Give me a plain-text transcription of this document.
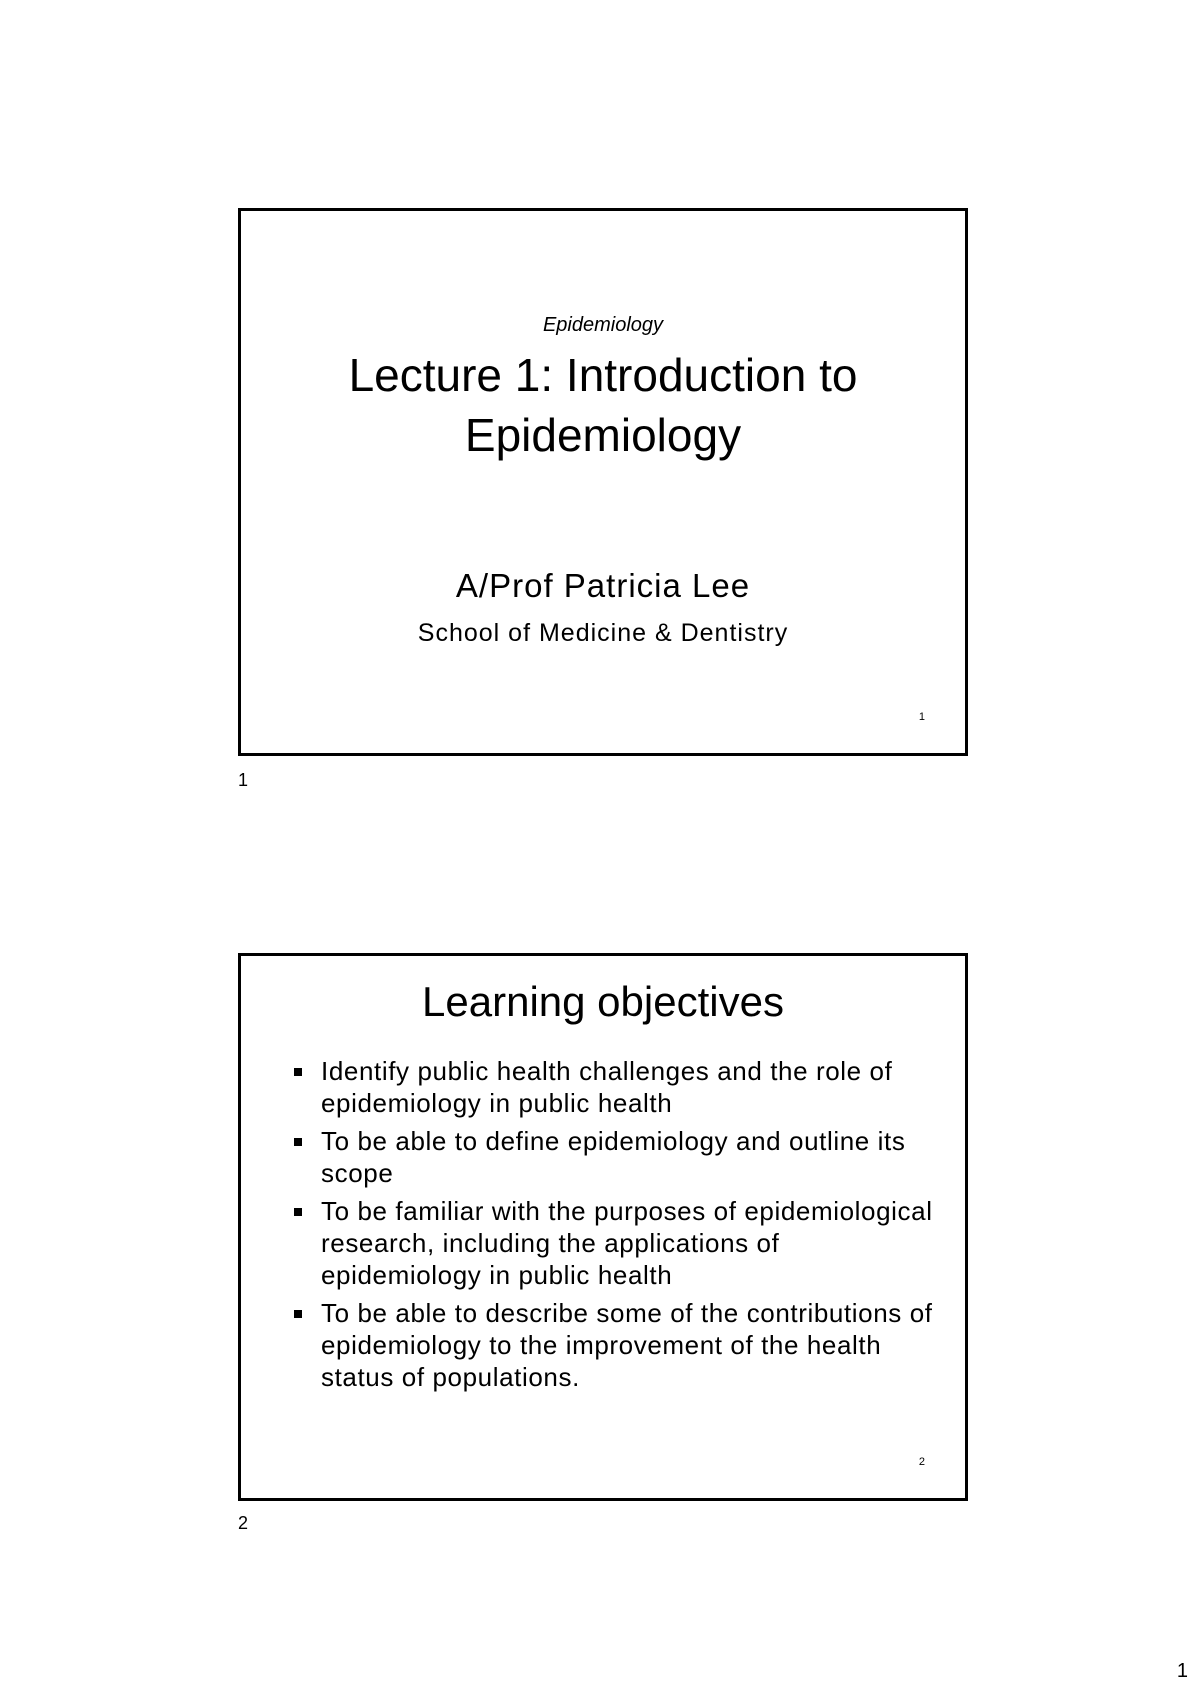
Epidemiology
Lecture 1: Introduction to Epidemiology
A/Prof Patricia Lee
School of Medicine & Dentistry
1
1
Learning objectives
Identify public health challenges and the role of epidemiology in public health
To be able to define epidemiology and outline its scope
To be familiar with the purposes of epidemiological research, including the applications of epidemiology in public health
To be able to describe some of the contributions of epidemiology to the improvement of the health status of populations.
2
2
1
